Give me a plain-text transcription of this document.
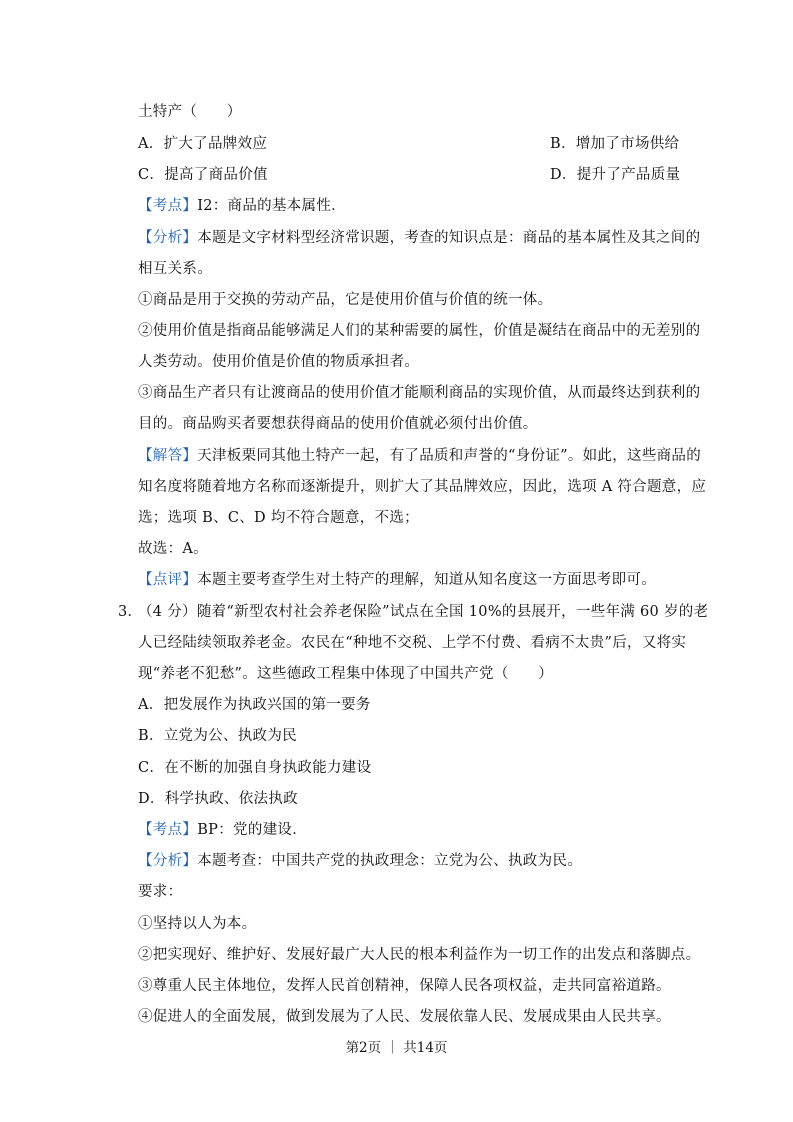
土特产（　　）
A．扩大了品牌效应	B．增加了市场供给
C．提高了商品价值	D．提升了产品质量
【考点】I2：商品的基本属性．
【分析】本题是文字材料型经济常识题，考查的知识点是：商品的基本属性及其之间的
相互关系。
①商品是用于交换的劳动产品，它是使用价值与价值的统一体。
②使用价值是指商品能够满足人们的某种需要的属性，价值是凝结在商品中的无差别的
人类劳动。使用价值是价值的物质承担者。
③商品生产者只有让渡商品的使用价值才能顺利商品的实现价值，从而最终达到获利的
目的。商品购买者要想获得商品的使用价值就必须付出价值。
【解答】天津板栗同其他土特产一起，有了品质和声誉的“身份证”。如此，这些商品的
知名度将随着地方名称而逐渐提升，则扩大了其品牌效应，因此，选项 A 符合题意，应
选；选项 B、C、D 均不符合题意，不选；
故选：A。
【点评】本题主要考查学生对土特产的理解，知道从知名度这一方面思考即可。
3．
（4 分）随着“新型农村社会养老保险”试点在全国 10%的县展开，一些年满 60 岁的老
人已经陆续领取养老金。农民在“种地不交税、上学不付费、看病不太贵”后，又将实
现“养老不犯愁”。这些德政工程集中体现了中国共产党（　　）
A．把发展作为执政兴国的第一要务
B．立党为公、执政为民
C．在不断的加强自身执政能力建设
D．科学执政、依法执政
【考点】BP：党的建设．
【分析】本题考查：中国共产党的执政理念：立党为公、执政为民。
要求：
①坚持以人为本。
②把实现好、维护好、发展好最广大人民的根本利益作为一切工作的出发点和落脚点。
③尊重人民主体地位，发挥人民首创精神，保障人民各项权益，走共同富裕道路。
④促进人的全面发展，做到发展为了人民、发展依靠人民、发展成果由人民共享。
第2页 ｜ 共14页
